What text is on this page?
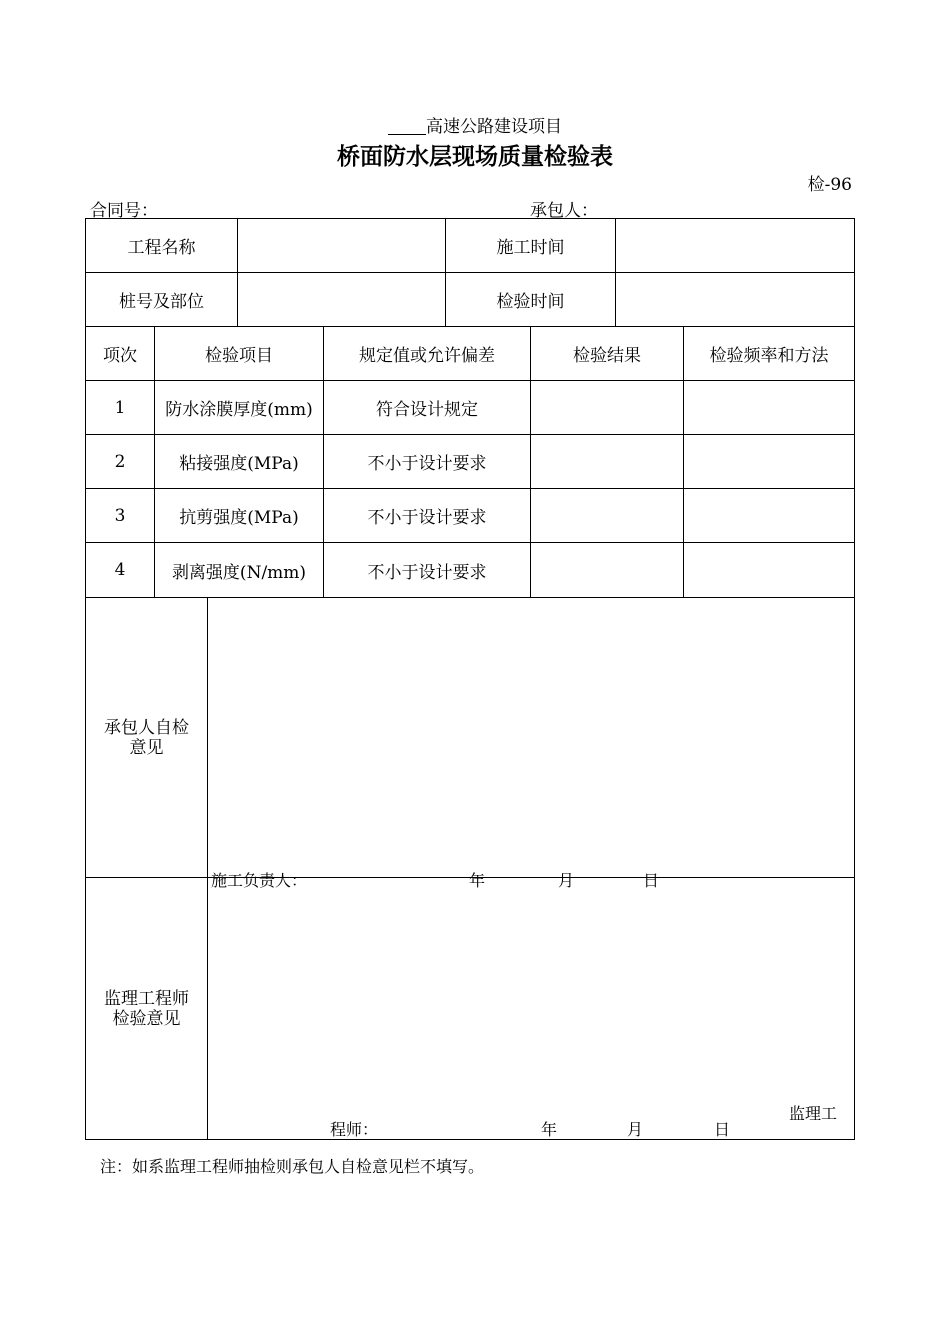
高速公路建设项目
桥面防水层现场质量检验表
检-96
合同号：	承包人：
工程名称	施工时间
桩号及部位	检验时间
项次	检验项目	规定值或允许偏差	检验结果	检验频率和方法
1	防水涂膜厚度(mm)	符合设计规定
2	粘接强度(MPa)	不小于设计要求
3	抗剪强度(MPa)	不小于设计要求
4	剥离强度(N/mm)	不小于设计要求
承包人自检意见
施工负责人：	年	月	日
监理工程师检验意见
监理工
程师：	年	月	日
注：如系监理工程师抽检则承包人自检意见栏不填写。
